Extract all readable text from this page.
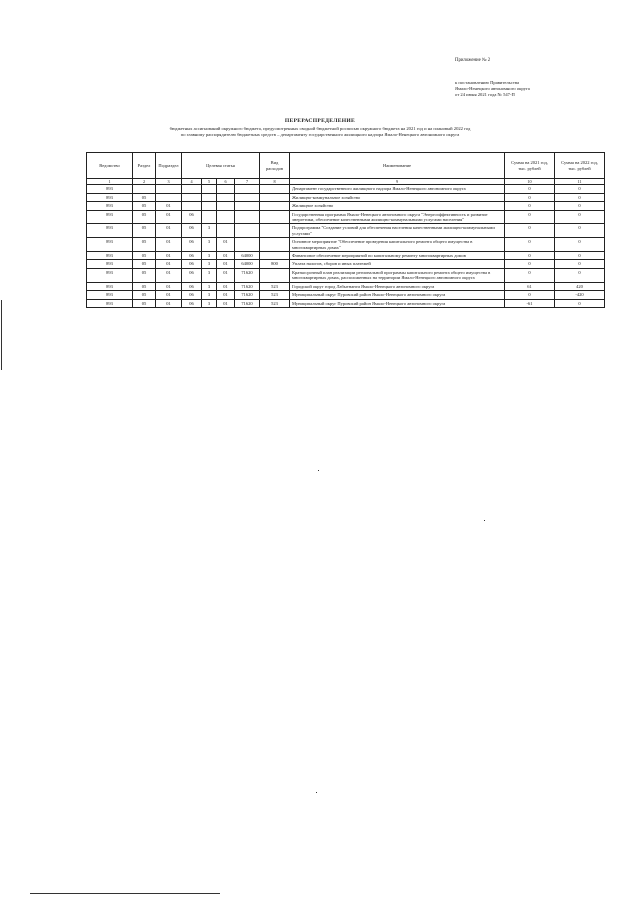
Приложение № 2
к постановлению Правительства
Ямало-Ненецкого автономного округа
от 24 июня 2021 года № 547-П
ПЕРЕРАСПРЕДЕЛЕНИЕ
бюджетных ассигнований окружного бюджета, предусмотренных сводной бюджетной росписью окружного бюджета на 2021 год и на плановый 2022 год
по главному распорядителю бюджетных средств – департаменту государственного жилищного надзора Ямало-Ненецкого автономного округа
Ведомство	Раздел	Подраздел	Целевая статья				Вид расходов	Наименование	Сумма на 2021 год, тыс. рублей	Сумма на 2022 год, тыс. рублей
1	2	3	4	5	6	7	8	9	10	11
893								Департамент государственного жилищного надзора Ямало-Ненецкого автономного округа	0	0
893	05							Жилищно-коммунальное хозяйство	0	0
893	05	01						Жилищное хозяйство	0	0
893	05	01	06					Государственная программа Ямало-Ненецкого автономного округа "Энергоэффективность и развитие энергетики, обеспечение качественными жилищно-коммунальными услугами населения"	0	0
893	05	01	06	3				Подпрограмма "Создание условий для обеспечения населения качественными жилищно-коммунальными услугами"	0	0
893	05	01	06	3	01			Основное мероприятие "Обеспечение проведения капитального ремонта общего имущества в многоквартирных домах"	0	0
893	05	01	06	3	01	64000		Финансовое обеспечение мероприятий по капитальному ремонту многоквартирных домов	0	0
893	05	01	06	3	01	64000	800	Уплата налогов, сборов и иных платежей	0	0
893	05	01	06	3	01	71620		Краткосрочный план реализации региональной программы капитального ремонта общего имущества в многоквартирных домах, расположенных на территории Ямало-Ненецкого автономного округа	0	0
893	05	01	06	3	01	71620	523	Городской округ город Лабытнанги Ямало-Ненецкого автономного округа	61	420
893	05	01	06	3	01	71620	523	Муниципальный округ Пуровский район Ямало-Ненецкого автономного округа	0	-420
893	05	01	06	3	01	71620	523	Муниципальный округ Пуровский район Ямало-Ненецкого автономного округа	-61	0
